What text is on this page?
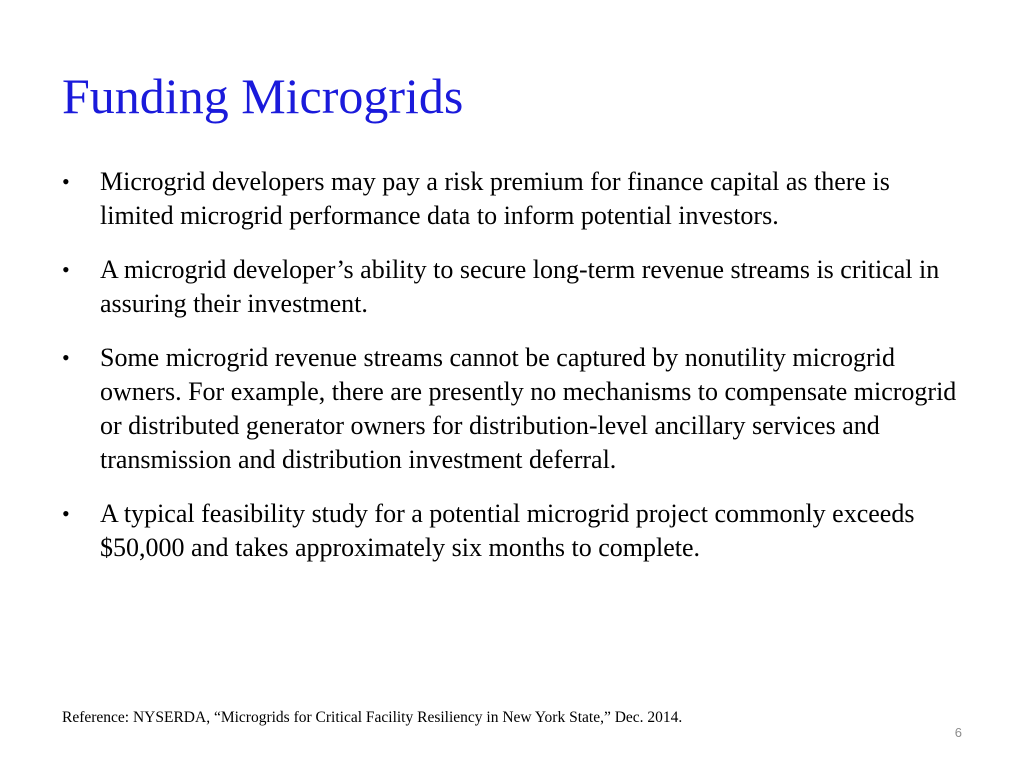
Funding Microgrids
• Microgrid developers may pay a risk premium for finance capital as there is limited microgrid performance data to inform potential investors.
• A microgrid developer’s ability to secure long-term revenue streams is critical in assuring their investment.
• Some microgrid revenue streams cannot be captured by nonutility microgrid owners. For example, there are presently no mechanisms to compensate microgrid or distributed generator owners for distribution-level ancillary services and transmission and distribution investment deferral.
• A typical feasibility study for a potential microgrid project commonly exceeds $50,000 and takes approximately six months to complete.

Reference: NYSERDA, “Microgrids for Critical Facility Resiliency in New York State,” Dec. 2014.

6
